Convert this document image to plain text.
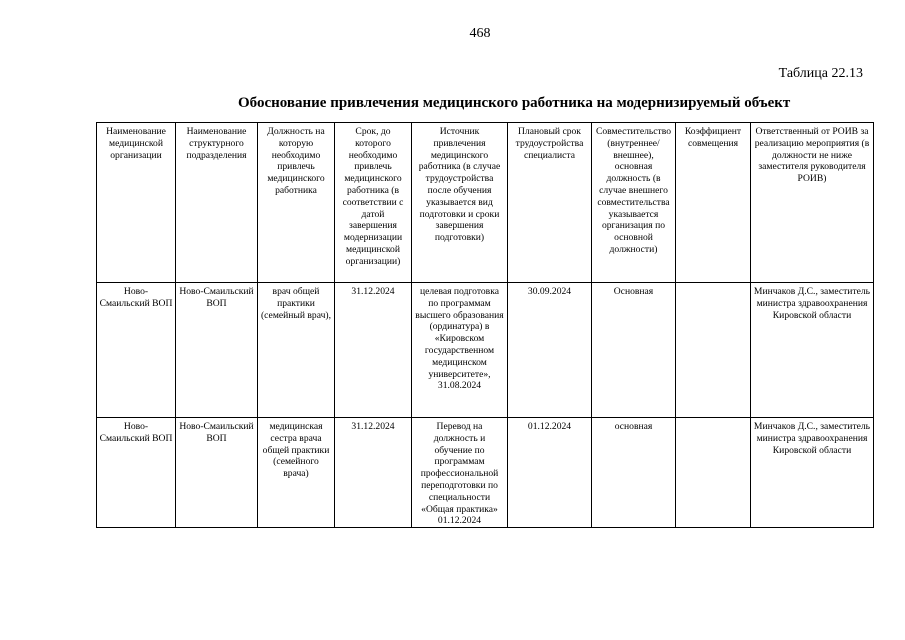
468
Таблица 22.13
Обоснование привлечения медицинского работника на модернизируемый объект
Наименование медицинской организации	Наименование структурного подразделения	Должность на которую необходимо привлечь медицинского работника	Срок, до которого необходимо привлечь медицинского работника (в соответствии с датой завершения модернизации медицинской организации)	Источник привлечения медицинского работника (в случае трудоустройства после обучения указывается вид подготовки и сроки завершения подготовки)	Плановый срок трудоустройства специалиста	Совместительство (внутреннее/внешнее), основная должность (в случае внешнего совместительства указывается организация по основной должности)	Коэффициент совмещения	Ответственный от РОИВ за реализацию мероприятия (в должности не ниже заместителя руководителя РОИВ)
Ново-Смаильский ВОП	Ново-Смаильский ВОП	врач общей практики (семейный врач),	31.12.2024	целевая подготовка по программам высшего образования (ординатура) в «Кировском государственном медицинском университете», 31.08.2024	30.09.2024	Основная		Минчаков Д.С., заместитель министра здравоохранения Кировской области
Ново-Смаильский ВОП	Ново-Смаильский ВОП	медицинская сестра врача общей практики (семейного врача)	31.12.2024	Перевод на должность и обучение по программам профессиональной переподготовки по специальности «Общая практика» 01.12.2024	01.12.2024	основная		Минчаков Д.С., заместитель министра здравоохранения Кировской области
